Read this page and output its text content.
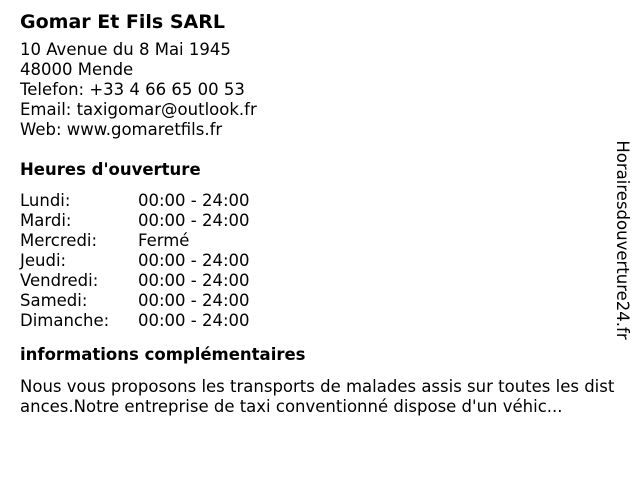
Gomar Et Fils SARL
10 Avenue du 8 Mai 1945
48000 Mende
Telefon: +33 4 66 65 00 53
Email: taxigomar@outlook.fr
Web: www.gomaretfils.fr
Heures d'ouverture
Lundi:	00:00 - 24:00
Mardi:	00:00 - 24:00
Mercredi:	Fermé
Jeudi:	00:00 - 24:00
Vendredi:	00:00 - 24:00
Samedi:	00:00 - 24:00
Dimanche:	00:00 - 24:00
informations complémentaires

Nous vous proposons les transports de malades assis sur toutes les distances.Notre entreprise de taxi conventionné dispose d'un véhic...

Horairesdouverture24.fr
